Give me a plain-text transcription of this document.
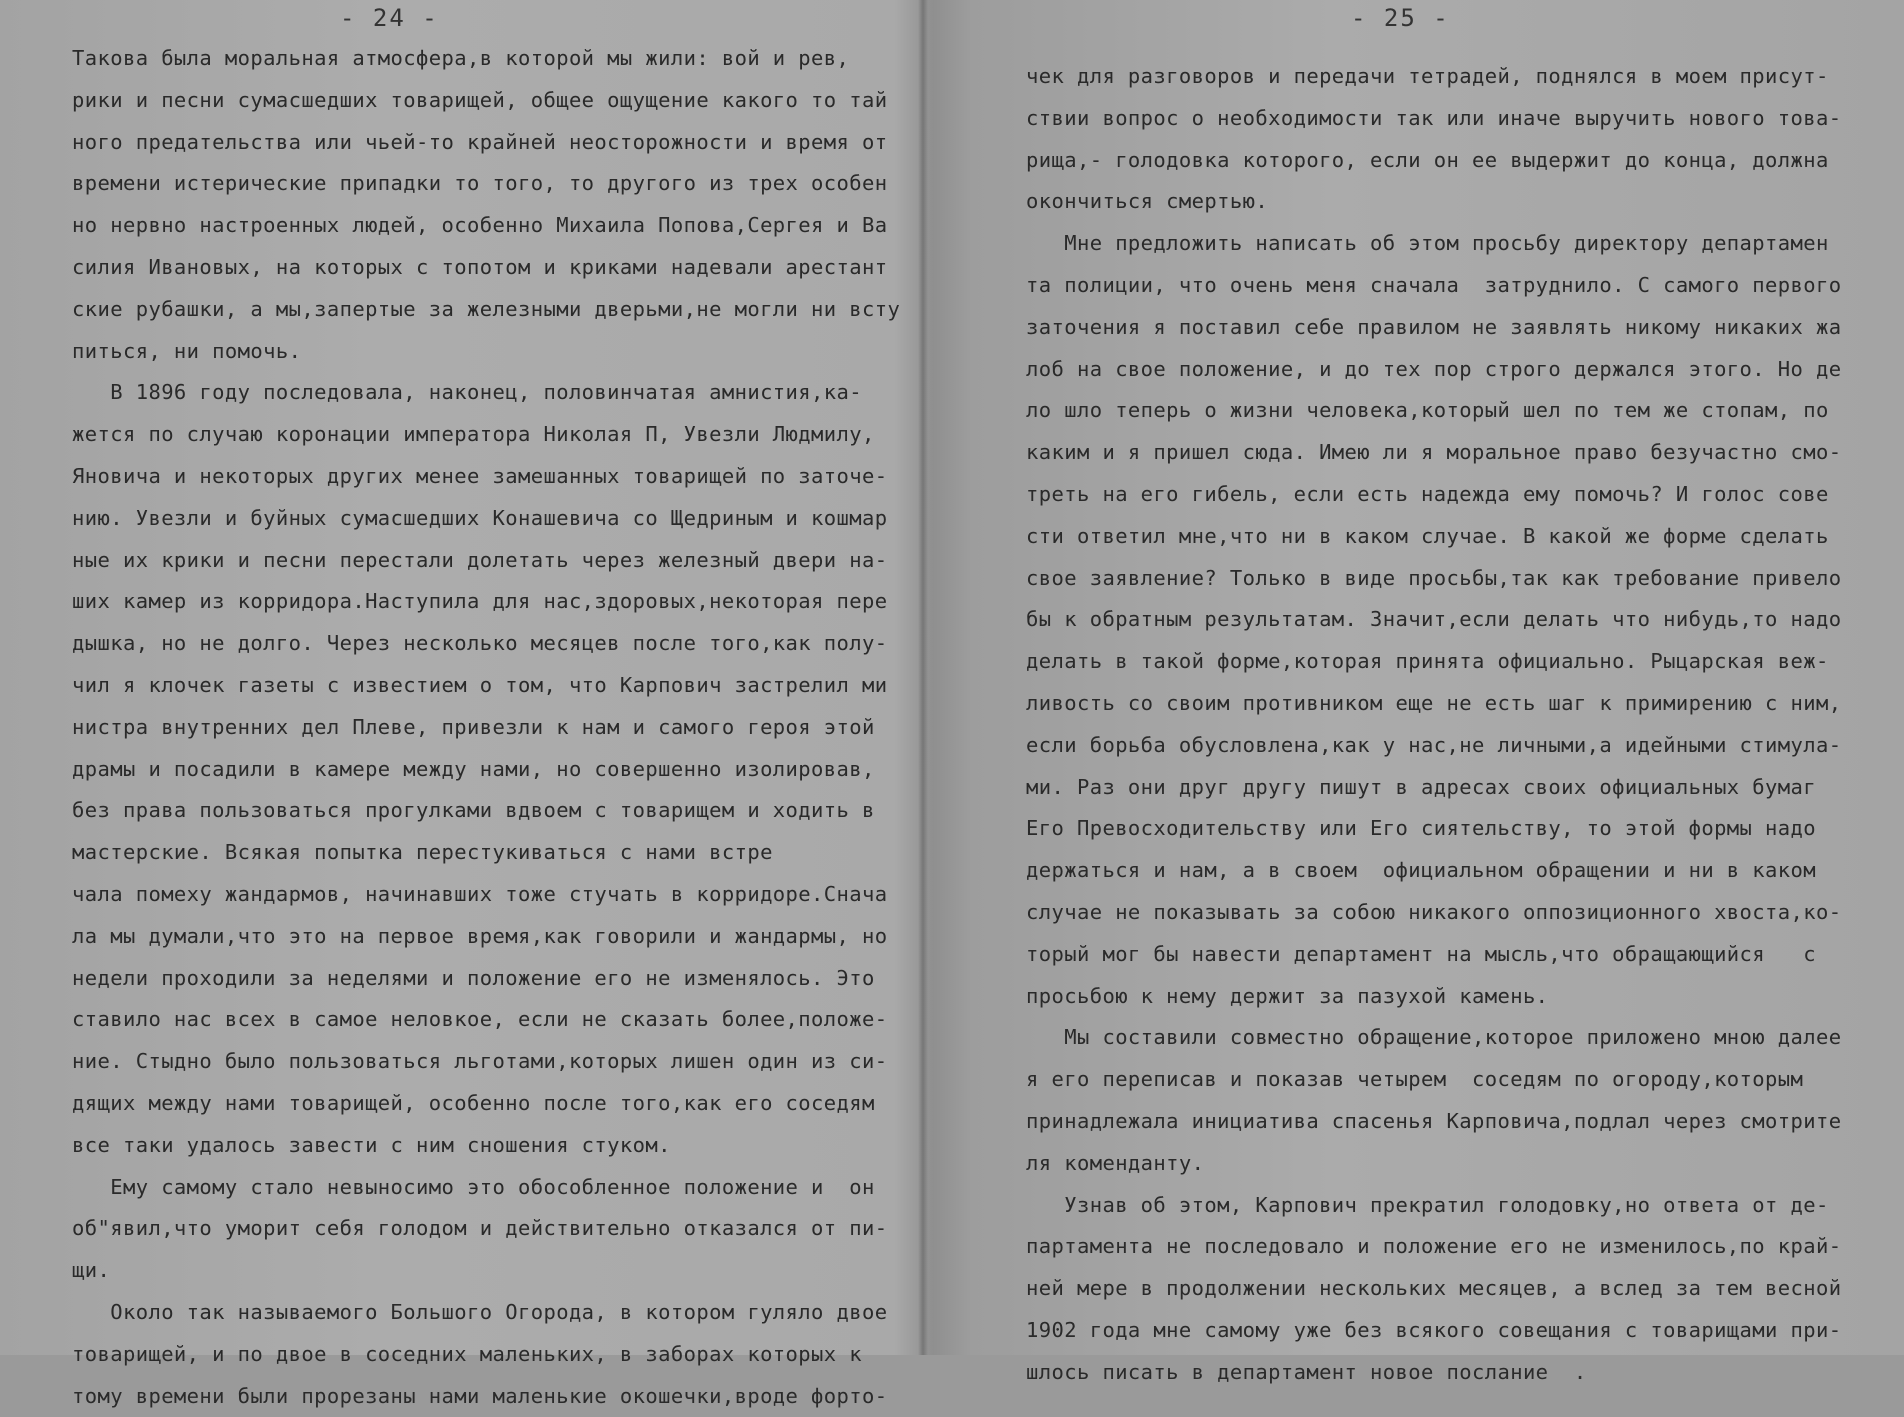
- 24 -
Такова была моральная атмосфера,в которой мы жили: вой и рев,
рики и песни сумасшедших товарищей, общее ощущение какого то тай
ного предательства или чьей-то крайней неосторожности и время от
времени истерические припадки то того, то другого из трех особен
но нервно настроенных людей, особенно Михаила Попова,Сергея и Ва
силия Ивановых, на которых с топотом и криками надевали арестант
ские рубашки, а мы,запертые за железными дверьми,не могли ни всту
питься, ни помочь.
В 1896 году последовала, наконец, половинчатая амнистия,ка-
жется по случаю коронации императора Николая П, Увезли Людмилу,
Яновича и некоторых других менее замешанных товарищей по заточе-
нию. Увезли и буйных сумасшедших Конашевича со Щедриным и кошмар
ные их крики и песни перестали долетать через железный двери на-
ших камер из корридора.Наступила для нас,здоровых,некоторая пере
дышка, но не долго. Через несколько месяцев после того,как полу-
чил я клочек газеты с известием о том, что Карпович застрелил ми
нистра внутренних дел Плеве, привезли к нам и самого героя этой
драмы и посадили в камере между нами, но совершенно изолировав,
без права пользоваться прогулками вдвоем с товарищем и ходить в
мастерские. Всякая попытка перестукиваться с нами встре
чала помеху жандармов, начинавших тоже стучать в корридоре.Снача
ла мы думали,что это на первое время,как говорили и жандармы, но
недели проходили за неделями и положение его не изменялось. Это
ставило нас всех в самое неловкое, если не сказать более,положе-
ние. Стыдно было пользоваться льготами,которых лишен один из си-
дящих между нами товарищей, особенно после того,как его соседям
все таки удалось завести с ним сношения стуком.
Ему самому стало невыносимо это обособленное положение и  он
об"явил,что уморит себя голодом и действительно отказался от пи-
щи.
Около так называемого Большого Огорода, в котором гуляло двое
товарищей, и по двое в соседних маленьких, в заборах которых к
тому времени были прорезаны нами маленькие окошечки,вроде форто-
- 25 -
чек для разговоров и передачи тетрадей, поднялся в моем присут-
ствии вопрос о необходимости так или иначе выручить нового това-
рища,- голодовка которого, если он ее выдержит до конца, должна
окончиться смертью.
Мне предложить написать об этом просьбу директору департамен
та полиции, что очень меня сначала  затруднило. С самого первого
заточения я поставил себе правилом не заявлять никому никаких жа
лоб на свое положение, и до тех пор строго держался этого. Но де
ло шло теперь о жизни человека,который шел по тем же стопам, по
каким и я пришел сюда. Имею ли я моральное право безучастно смо-
треть на его гибель, если есть надежда ему помочь? И голос сове
сти ответил мне,что ни в каком случае. В какой же форме сделать
свое заявление? Только в виде просьбы,так как требование привело
бы к обратным результатам. Значит,если делать что нибудь,то надо
делать в такой форме,которая принята официально. Рыцарская веж-
ливость со своим противником еще не есть шаг к примирению с ним,
если борьба обусловлена,как у нас,не личными,а идейными стимула-
ми. Раз они друг другу пишут в адресах своих официальных бумаг
Его Превосходительству или Его сиятельству, то этой формы надо
держаться и нам, а в своем  официальном обращении и ни в каком
случае не показывать за собою никакого оппозиционного хвоста,ко-
торый мог бы навести департамент на мысль,что обращающийся   с
просьбою к нему держит за пазухой камень.
Мы составили совместно обращение,которое приложено мною далее
я его переписав и показав четырем  соседям по огороду,которым
принадлежала инициатива спасенья Карповича,подлал через смотрите
ля коменданту.
Узнав об этом, Карпович прекратил голодовку,но ответа от де-
партамента не последовало и положение его не изменилось,по край-
ней мере в продолжении нескольких месяцев, а вслед за тем весной
1902 года мне самому уже без всякого совещания с товарищами при-
шлось писать в департамент новое послание  .
